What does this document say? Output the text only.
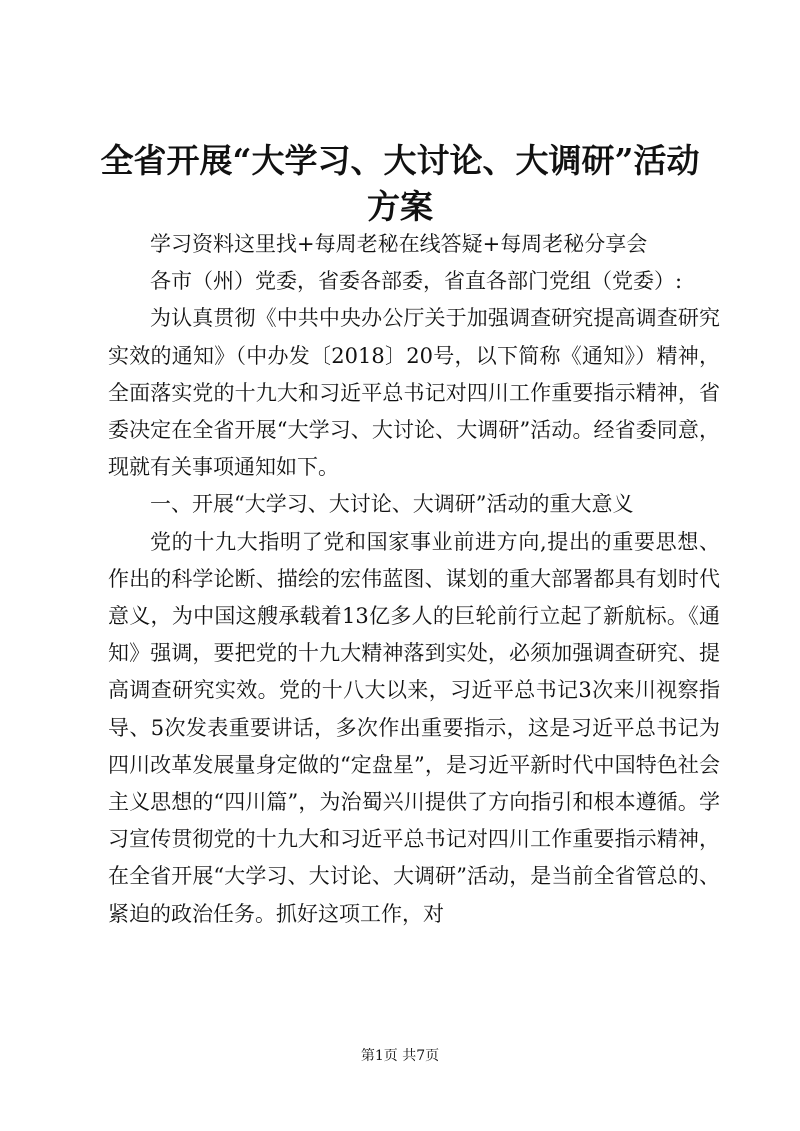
全省开展“大学习、大讨论、大调研”活动方案

学习资料这里找+每周老秘在线答疑+每周老秘分享会

各市（州）党委，省委各部委，省直各部门党组（党委）:

为认真贯彻《中共中央办公厅关于加强调查研究提高调查研究实效的通知》（中办发〔2018〕20号，以下简称《通知》）精神，全面落实党的十九大和习近平总书记对四川工作重要指示精神，省委决定在全省开展“大学习、大讨论、大调研”活动。经省委同意，现就有关事项通知如下。

一、开展“大学习、大讨论、大调研”活动的重大意义

党的十九大指明了党和国家事业前进方向,提出的重要思想、作出的科学论断、描绘的宏伟蓝图、谋划的重大部署都具有划时代意义，为中国这艘承载着13亿多人的巨轮前行立起了新航标。《通知》强调，要把党的十九大精神落到实处，必须加强调查研究、提高调查研究实效。党的十八大以来，习近平总书记3次来川视察指导、5次发表重要讲话，多次作出重要指示，这是习近平总书记为四川改革发展量身定做的“定盘星”，是习近平新时代中国特色社会主义思想的“四川篇”，为治蜀兴川提供了方向指引和根本遵循。学习宣传贯彻党的十九大和习近平总书记对四川工作重要指示精神，在全省开展“大学习、大讨论、大调研”活动，是当前全省管总的、紧迫的政治任务。抓好这项工作，对

第1页 共7页
